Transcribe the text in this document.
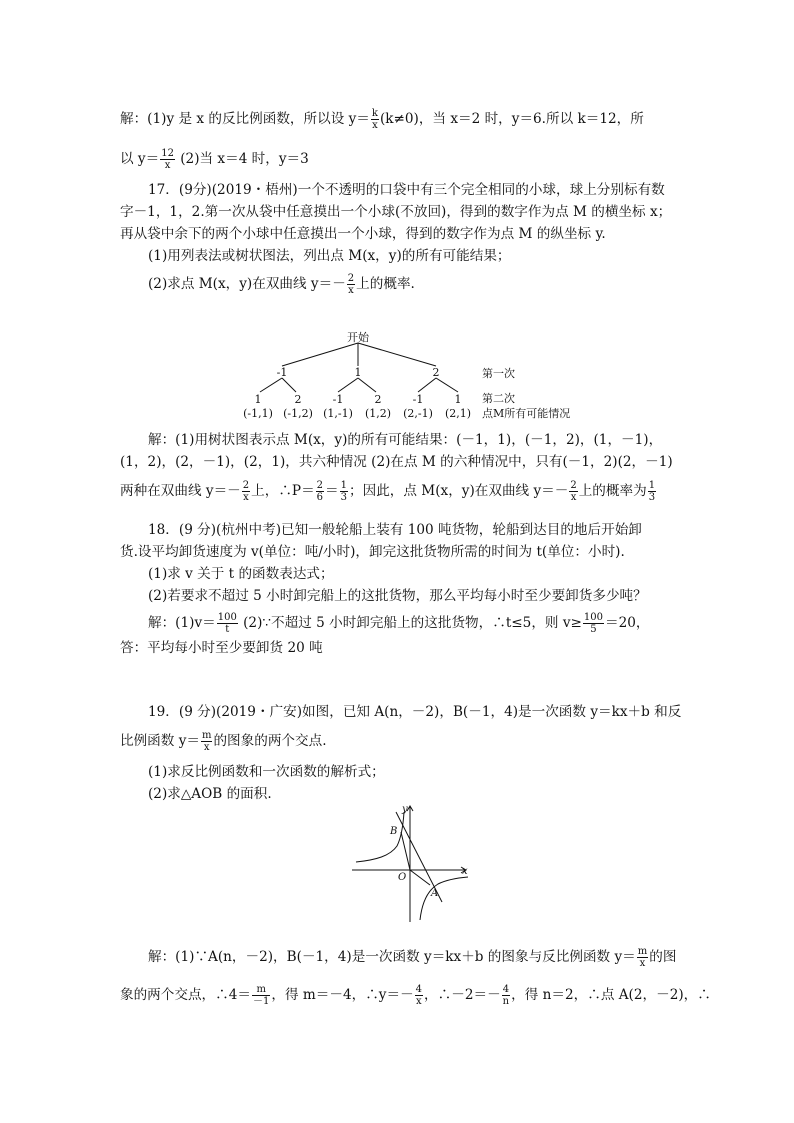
解：(1)y 是 x 的反比例函数，所以设 $y= \frac{k}{x} (k\ne 0)$，当 x＝2 时，y＝6.所以 k＝12，所
以 $y= \frac{12}{x} (2)$当 x＝4 时，y＝3
17．(9分)(2019・梧州)一个不透明的口袋中有三个完全相同的小球，球上分别标有数
字－1，1，2.第一次从袋中任意摸出一个小球(不放回)，得到的数字作为点 M 的横坐标 x；
再从袋中余下的两个小球中任意摸出一个小球，得到的数字作为点 M 的纵坐标 y.
(1)用列表法或树状图法，列出点 M(x，y)的所有可能结果；
(2)求点 M(x，y)在双曲线 $y=- \frac{2}{x}$ 上的概率.
开始
-1	1	2
1	2	-1	2	-1	1
(-1,1) (-1,2) (1,-1) (1,2) (2,-1) (2,1)
第一次
第二次
点M所有可能情况
解：(1)用树状图表示点 M(x，y)的所有可能结果：(－1，1)，(－1，2)，(1，－1)，
(1，2)，(2，－1)，(2，1)，共六种情况 (2)在点 M 的六种情况中，只有(－1，2)(2，－1)
两种在双曲线 $y=- \frac{2}{x}$ 上，∴P＝ $\frac{2}{6} = \frac{1}{3}$ ；因此，点 M(x，y)在双曲线 $y=- \frac{2}{x}$ 上的概率为 $\frac{1}{3}$
18．(9 分)(杭州中考)已知一般轮船上装有 100 吨货物，轮船到达目的地后开始卸
货.设平均卸货速度为 v(单位：吨/小时)，卸完这批货物所需的时间为 t(单位：小时).
(1)求 v 关于 t 的函数表达式；
(2)若要求不超过 5 小时卸完船上的这批货物，那么平均每小时至少要卸货多少吨？
解：$(1)v= \frac{100}{t}$ (2)∵不超过 5 小时卸完船上的这批货物，∴t≤5，则 $v\ge \frac{100}{5} =20$，
答：平均每小时至少要卸货 20 吨
19．(9 分)(2019・广安)如图，已知 A(n，－2)，B(－1，4)是一次函数 y＝kx＋b 和反
比例函数 $y= \frac{m}{x}$ 的图象的两个交点.
(1)求反比例函数和一次函数的解析式；
(2)求△AOB 的面积.
y
x
O
A
B
解：(1)∵A(n，－2)，B(－1，4)是一次函数 y＝kx＋b 的图象与反比例函数 $y= \frac{m}{x}$ 的图
象的两个交点，∴4＝ $\frac{m}{-1}$ ，得 m＝－4，∴y＝－ $\frac{4}{x}$ ，∴－2＝－ $\frac{4}{n}$ ，得 n＝2，∴点 A(2，－2)，∴
